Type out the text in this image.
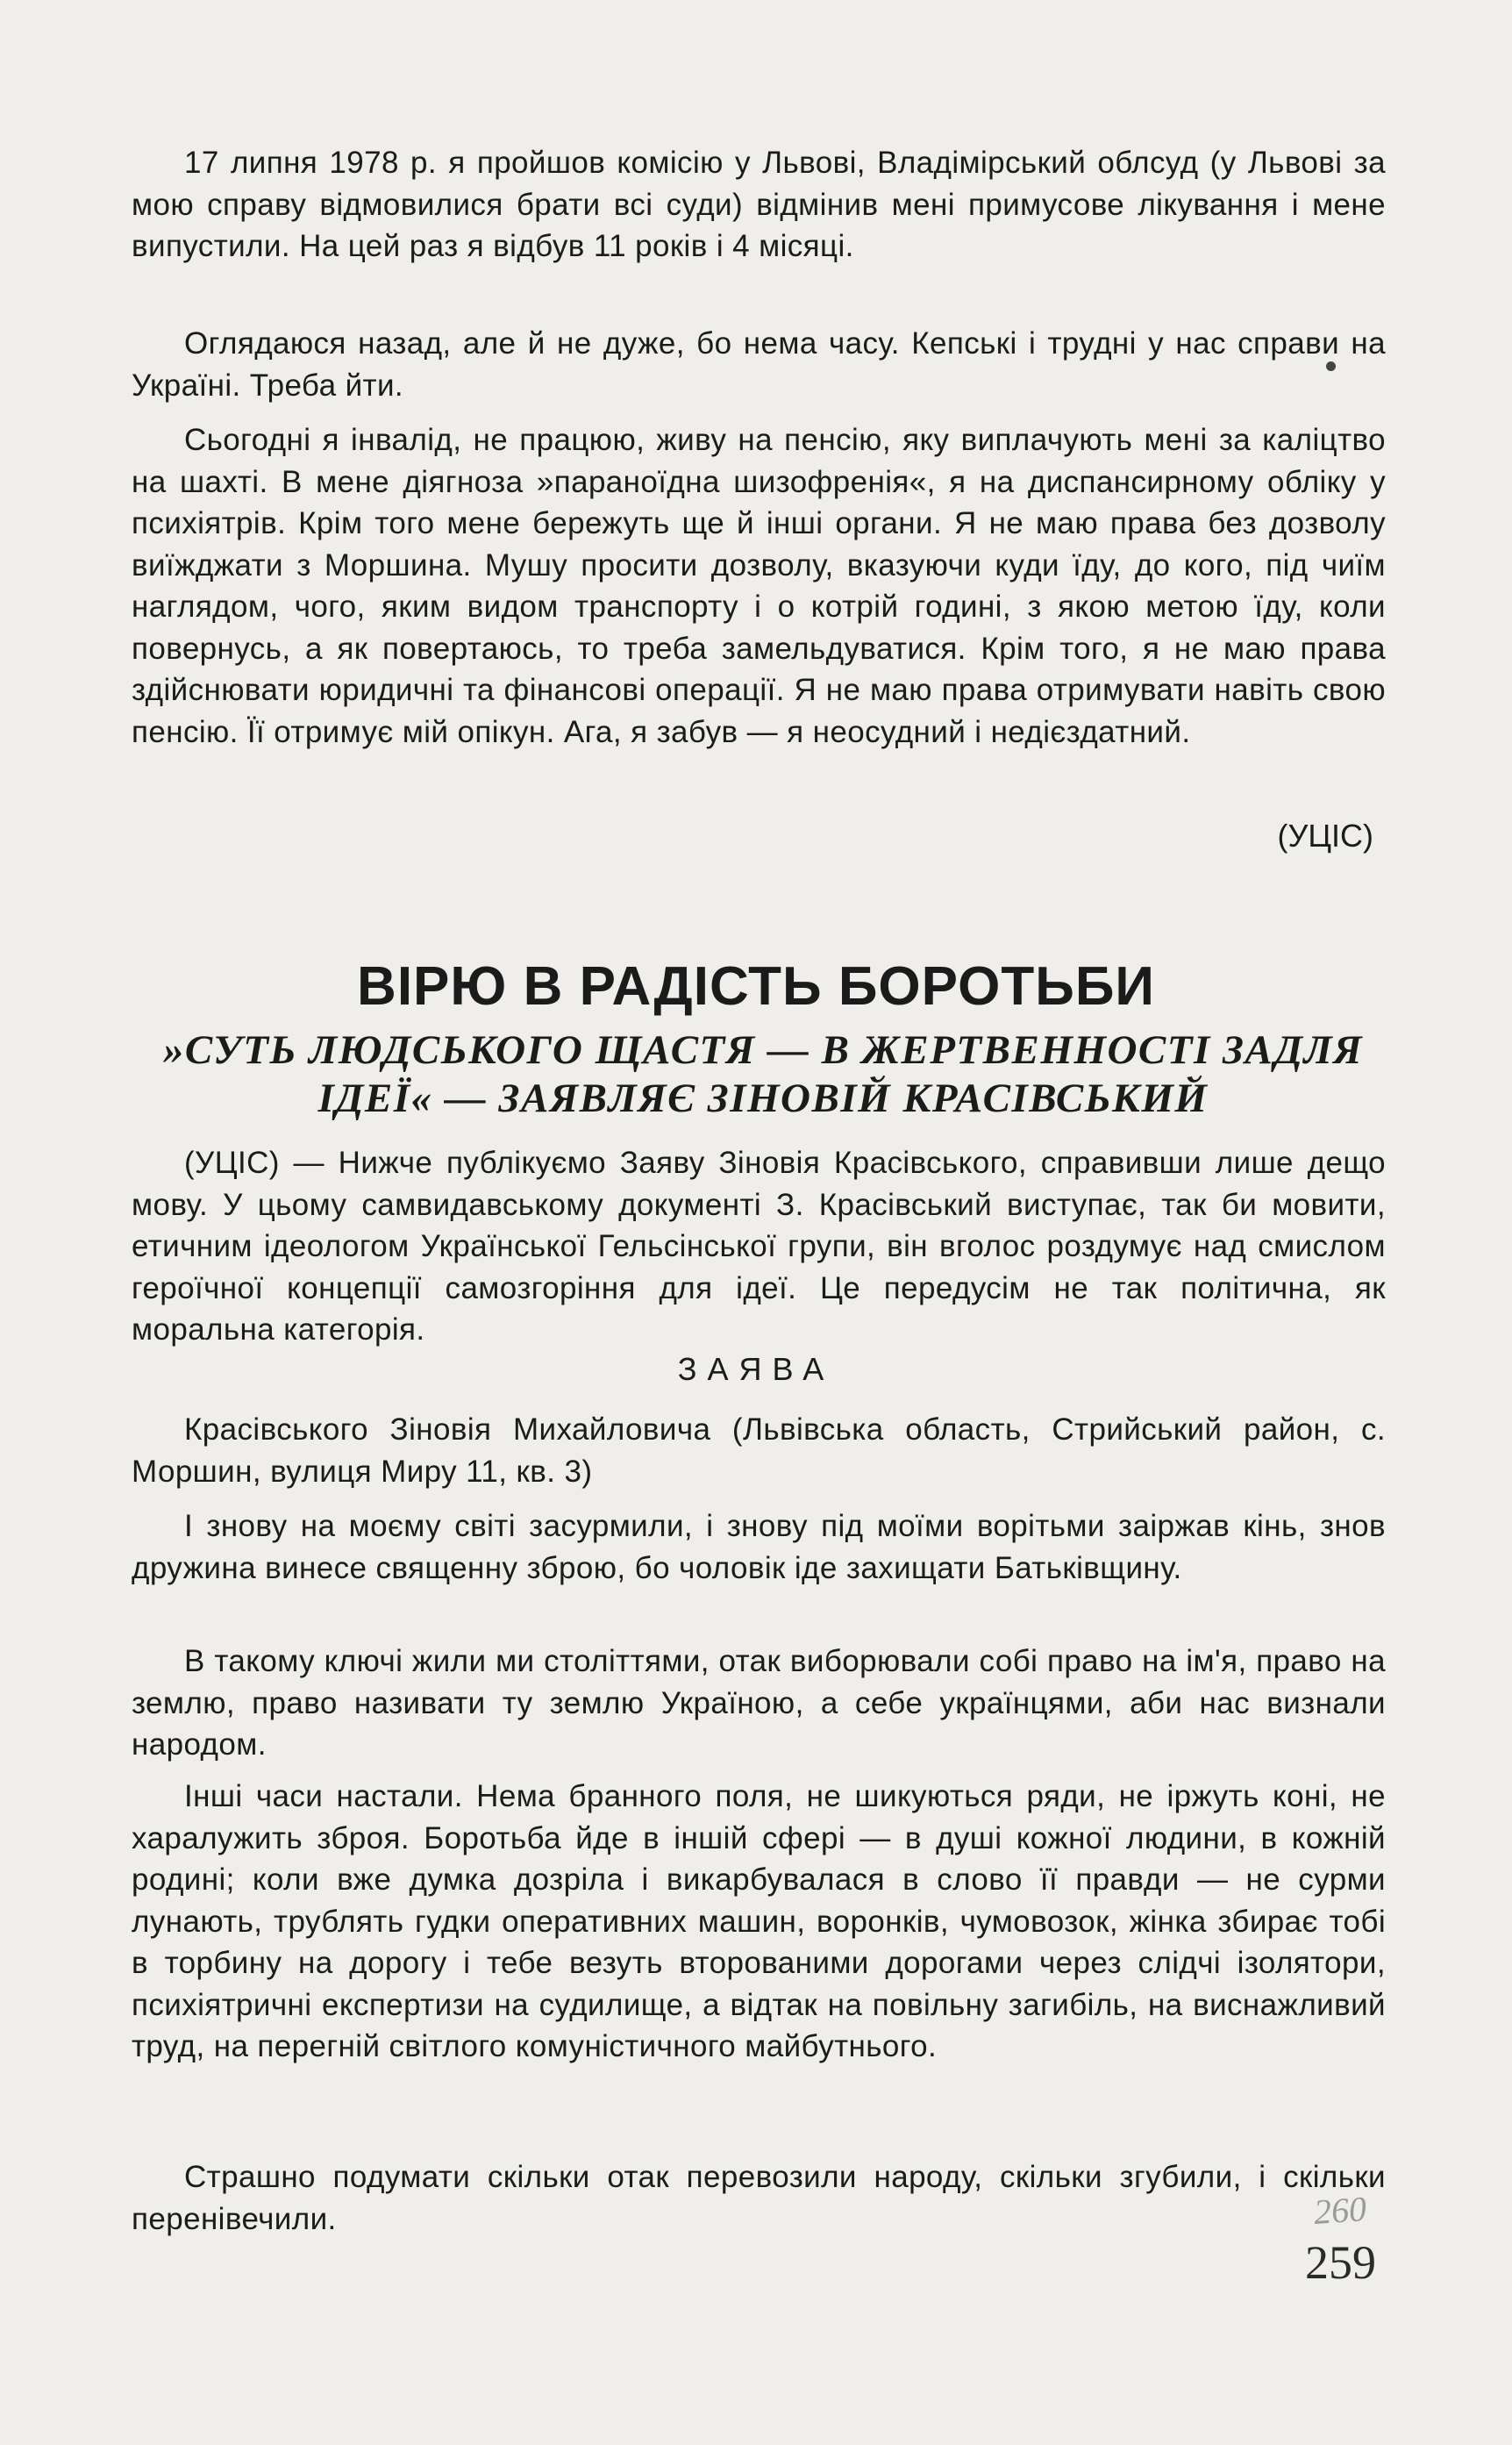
17 липня 1978 р. я пройшов комісію у Львові, Владімірський облсуд (у Львові за мою справу відмовилися брати всі суди) відмінив мені примусове лікування і мене випустили. На цей раз я відбув 11 років і 4 місяці.

Оглядаюся назад, але й не дуже, бо нема часу. Кепські і трудні у нас справи на Україні. Треба йти.

Сьогодні я інвалід, не працюю, живу на пенсію, яку виплачують мені за каліцтво на шахті. В мене діягноза »параноїдна шизофренія«, я на диспансирному обліку у психіятрів. Крім того мене бережуть ще й інші органи. Я не маю права без дозволу виїжджати з Моршина. Мушу просити дозволу, вказуючи куди їду, до кого, під чиїм наглядом, чого, яким видом транспорту і о котрій годині, з якою метою їду, коли повернусь, а як повертаюсь, то треба замельдуватися. Крім того, я не маю права здійснювати юридичні та фінансові операції. Я не маю права отримувати навіть свою пенсію. Її отримує мій опікун. Ага, я забув — я неосудний і недієздатний.

(УЦІС)

ВІРЮ В РАДІСТЬ БОРОТЬБИ
»СУТЬ ЛЮДСЬКОГО ЩАСТЯ — В ЖЕРТВЕННОСТІ ЗАДЛЯ ІДЕЇ« — ЗАЯВЛЯЄ ЗІНОВІЙ КРАСІВСЬКИЙ

(УЦІС) — Нижче публікуємо Заяву Зіновія Красівського, справивши лише дещо мову. У цьому самвидавському документі З. Красівський виступає, так би мовити, етичним ідеологом Української Гельсінської групи, він вголос роздумує над смислом героїчної концепції самозгоріння для ідеї. Це передусім не так політична, як моральна категорія.

ЗАЯВА

Красівського Зіновія Михайловича (Львівська область, Стрийський район, с. Моршин, вулиця Миру 11, кв. 3)

І знову на моєму світі засурмили, і знову під моїми ворітьми заіржав кінь, знов дружина винесе священну зброю, бо чоловік іде захищати Батьківщину.

В такому ключі жили ми століттями, отак виборювали собі право на ім'я, право на землю, право називати ту землю Україною, а себе українцями, аби нас визнали народом.

Інші часи настали. Нема бранного поля, не шикуються ряди, не іржуть коні, не харалужить зброя. Боротьба йде в іншій сфері — в душі кожної людини, в кожній родині; коли вже думка дозріла і викарбувалася в слово її правди — не сурми лунають, трублять гудки оперативних машин, воронків, чумовозок, жінка збирає тобі в торбину на дорогу і тебе везуть второваними дорогами через слідчі ізолятори, психіятричні експертизи на судилище, а відтак на повільну загибіль, на виснажливий труд, на перегній світлого комуністичного майбутнього.

Страшно подумати скільки отак перевозили народу, скільки згубили, і скільки перенівечили.	260

259
